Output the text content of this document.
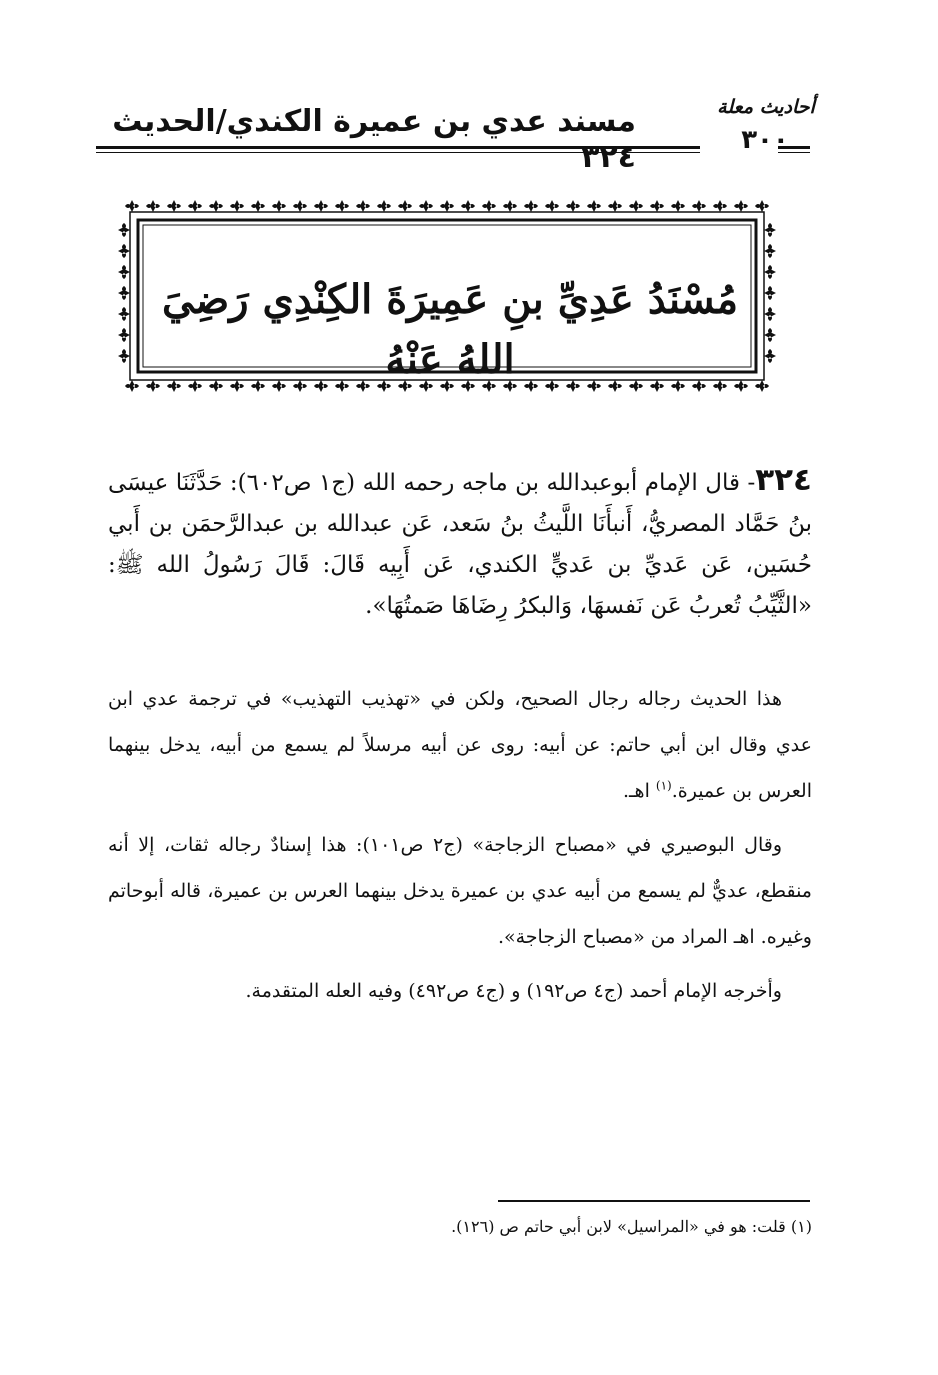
أحاديث معلة
٣٠٠
مسند عدي بن عميرة الكندي/الحديث ٣٢٤
مُسْنَدُ عَدِيِّ بنِ عَمِيرَةَ الكِنْدِي رَضِيَ اللهُ عَنْهُ
٣٢٤- قال الإمام أبوعبدالله بن ماجه رحمه الله (ج١ ص٦٠٢): حَدَّثَنَا عيسَى بنُ حَمَّاد المصريُّ، أَنبأَنَا اللَّيثُ بنُ سَعد، عَن عبدالله بن عبدالرَّحمَن بن أَبي حُسَين، عَن عَديِّ بن عَديٍّ الكندي، عَن أَبِيه قَالَ: قَالَ رَسُولُ الله ﷺ: «الثَّيِّبُ تُعربُ عَن نَفسهَا، وَالبكرُ رِضَاهَا صَمتُهَا».
هذا الحديث رجاله رجال الصحيح، ولكن في «تهذيب التهذيب» في ترجمة عدي ابن عدي وقال ابن أبي حاتم: عن أبيه: روى عن أبيه مرسلاً لم يسمع من أبيه، يدخل بينهما العرس بن عميرة.$^{(١)}$ اهـ.
وقال البوصيري في «مصباح الزجاجة» (ج٢ ص١٠١): هذا إسنادٌ رجاله ثقات، إلا أنه منقطع، عديٌّ لم يسمع من أبيه عدي بن عميرة يدخل بينهما العرس بن عميرة، قاله أبوحاتم وغيره. اهـ المراد من «مصباح الزجاجة».
وأخرجه الإمام أحمد (ج٤ ص١٩٢) و (ج٤ ص٤٩٢) وفيه العله المتقدمة.
(١) قلت: هو في «المراسيل» لابن أبي حاتم ص (١٢٦).
